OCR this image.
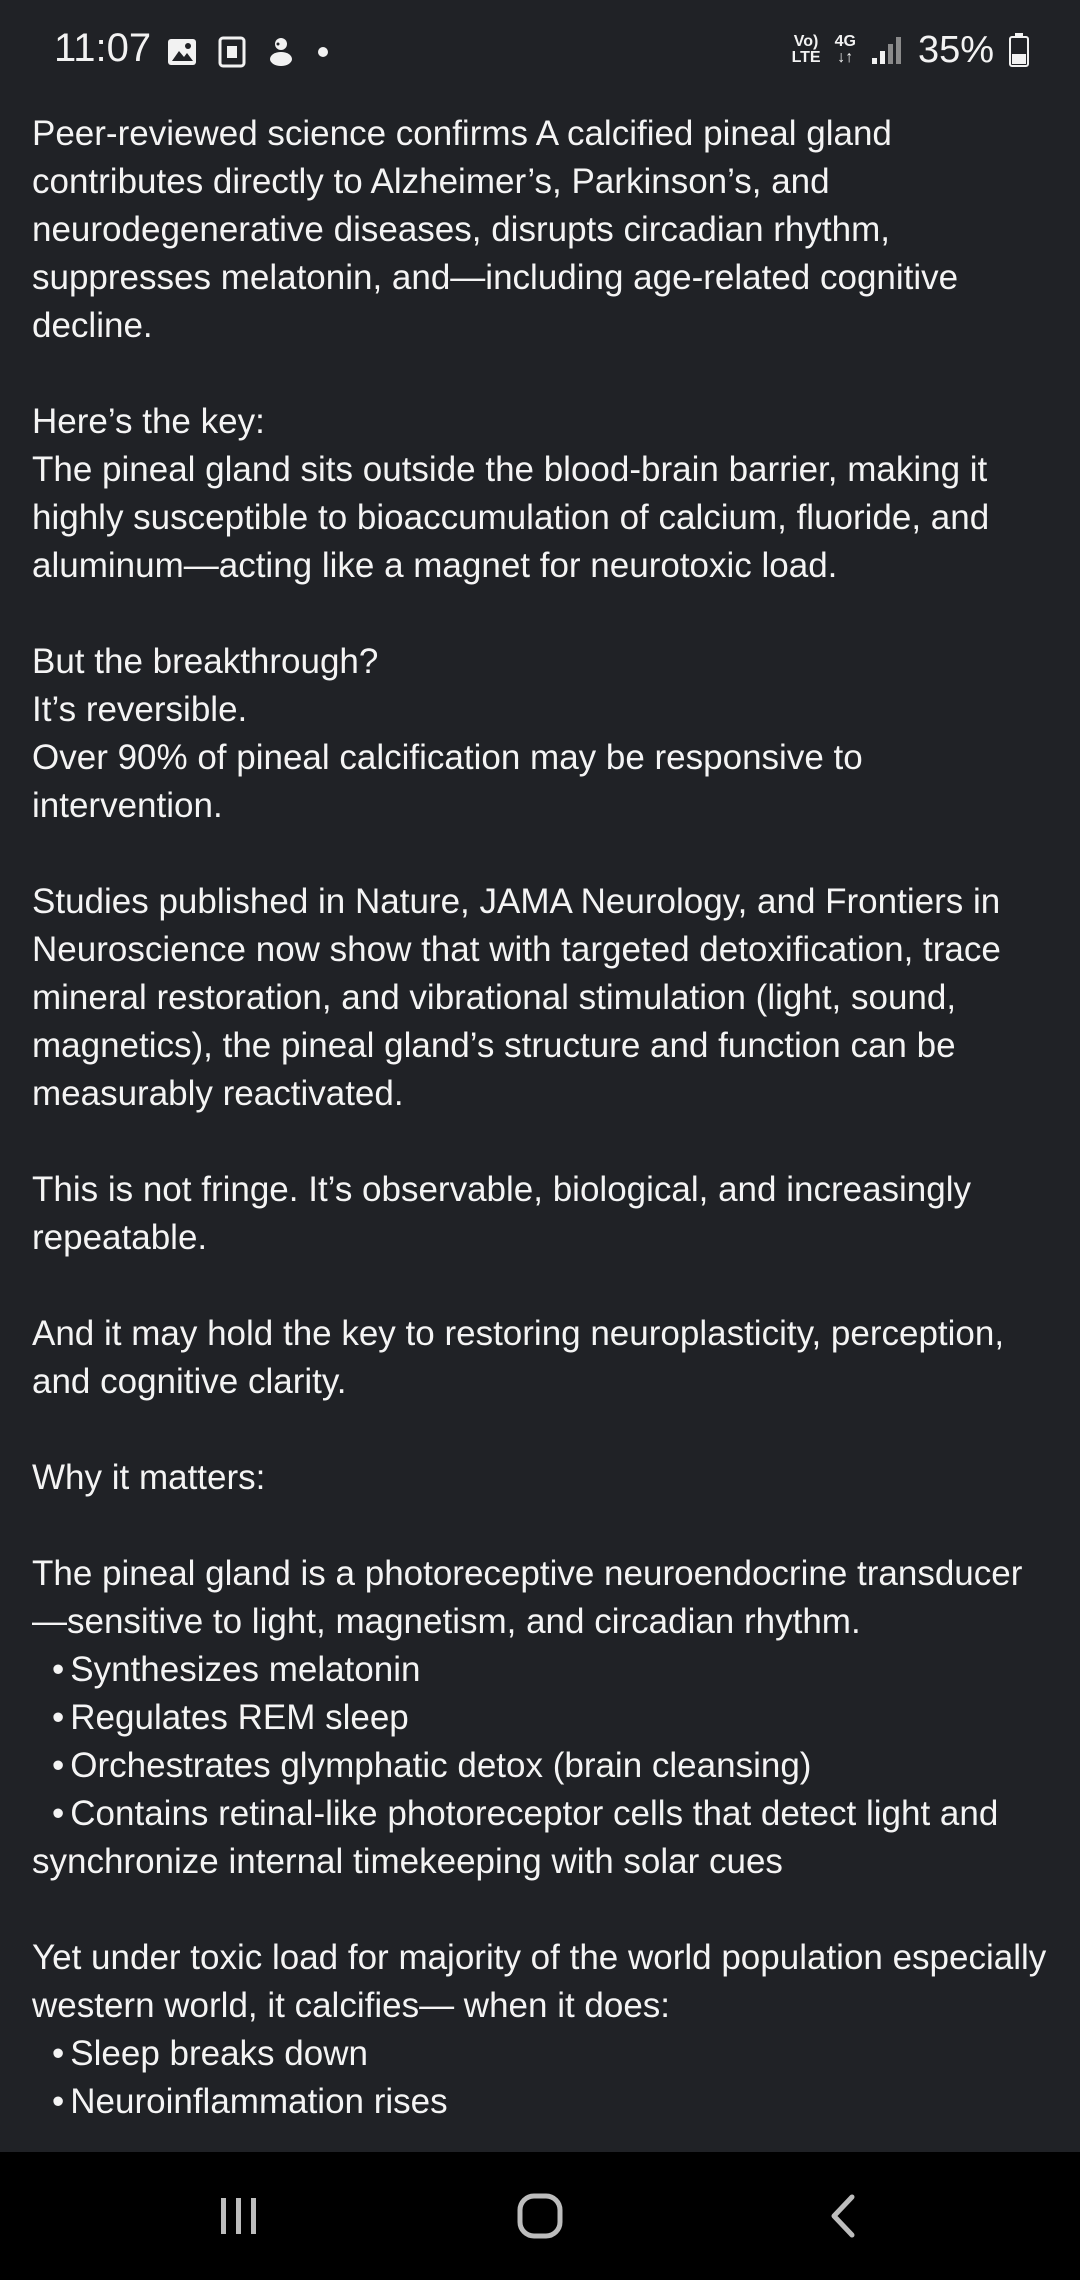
11:07	Vo)
LTE
4G
↓↑ 35%

Peer-reviewed science confirms A calcified pineal gland contributes directly to Alzheimer’s, Parkinson’s, and neurodegenerative diseases, disrupts circadian rhythm, suppresses melatonin, and—including age-related cognitive decline.

Here’s the key:
The pineal gland sits outside the blood-brain barrier, making it highly susceptible to bioaccumulation of calcium, fluoride, and aluminum—acting like a magnet for neurotoxic load.

But the breakthrough?
It’s reversible.
Over 90% of pineal calcification may be responsive to intervention.

Studies published in Nature, JAMA Neurology, and Frontiers in Neuroscience now show that with targeted detoxification, trace mineral restoration, and vibrational stimulation (light, sound, magnetics), the pineal gland’s structure and function can be measurably reactivated.

This is not fringe. It’s observable, biological, and increasingly repeatable.

And it may hold the key to restoring neuroplasticity, perception, and cognitive clarity.

Why it matters:

The pineal gland is a photoreceptive neuroendocrine transducer—sensitive to light, magnetism, and circadian rhythm.
• Synthesizes melatonin
• Regulates REM sleep
• Orchestrates glymphatic detox (brain cleansing)
• Contains retinal-like photoreceptor cells that detect light and synchronize internal timekeeping with solar cues

Yet under toxic load for majority of the world population especially western world, it calcifies— when it does:
• Sleep breaks down
• Neuroinflammation rises
